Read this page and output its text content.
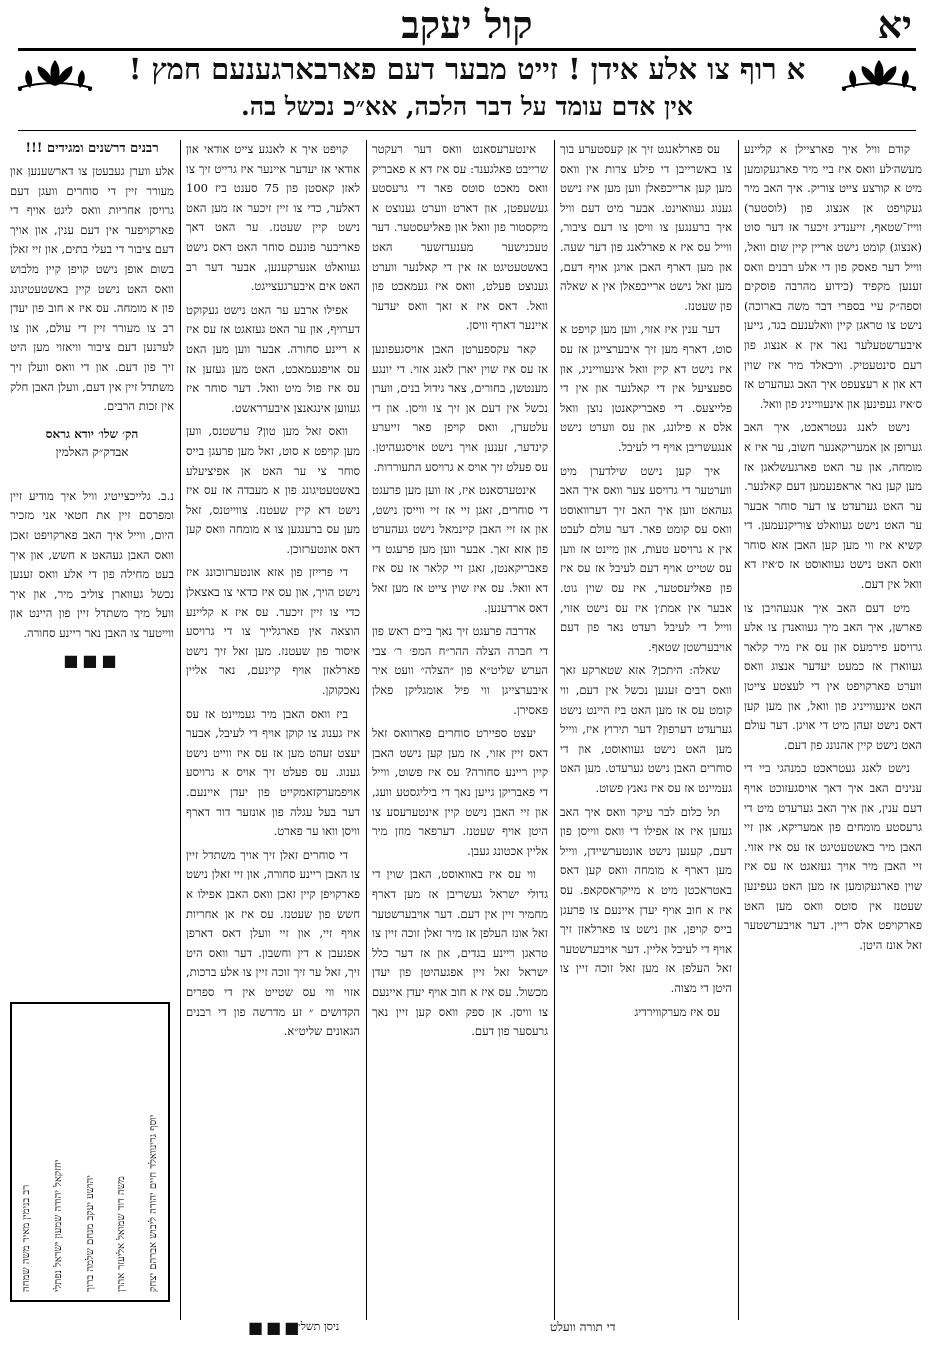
קול יעקב	יא
א רוף צו אלע אידן ! זייט מבער דעם פארבארגענעם חמץ !
אין אדם עומד על דבר הלכה, אא״כ נכשל בה.

קודם וויל איך פארציילן א קליינע מעשה׳לע וואס איז ביי מיר פארגעקומען מיט א קורצע צייט צוריק. איך האב מיר געקויפט אן אנצוג פון (לוסטער) ווייז־שטאף, זייענדיג זיכער אז דער סוט (אנצוג) קומט נישט אריין קיין שום וואל, ווייל דער פאסק פון די אלע רבנים וואס זענען מקפיד (כידוע מהרבה פוסקים וספה״ק עיי בספרי דבר משה בארוכה) נישט צו טראגן קיין וואלענעם בגד, גייען איבערשטעלער נאר אין א אנצוג פון רעם סינטעטיק. וויבאלד מיר איז שוין דא און א רעצעפט איך האב געהערט אז ס׳איז געפינען און אינעווייניג פון וואל.

נישט לאנג געטראכט, איך האב גערופן אן אמעריקאנער חשוב, ער איז א מומחה, און ער האט פארגעשלאגן אז מען קען נאר אראפנעמען דעם קאלנער. ער האט גערעדט צו דער סוחר אבער ער האט נישט געוואלט צוריקנעמען. די קשיא איז ווי מען קען האבן אזא סוחר וואס האט נישט געוואוסט אז ס׳איז דא וואל אין דעם.

מיט דעם האב איך אנגעהויבן צו פארשן, איך האב מיך געוואנדן צו אלע גרויסע פירמעס און עס איז מיר קלאר געווארן אז כמעט יעדער אנצוג וואס ווערט פארקויפט אין די לעצטע צייטן האט אינעווייניג פון וואל, און מען קען דאס נישט זעהן מיט די אויגן. דער עולם האט נישט קיין אהנונג פון דעם.

נישט לאנג געטראכט כמנהגי ביי די ענינים האב איך דאך אויסגעזוכט אויף דעם ענין, און איך האב גערעדט מיט די גרעסטע מומחים פון אמעריקא, און זיי האבן מיר באשטעטיגט אז עס איז אזוי. זיי האבן מיר אויך געזאגט אז עס איז שוין פארגעקומען אז מען האט געפינען שעטנז אין סוטס וואס מען האט פארקויפט אלס ריין. דער אויבערשטער זאל אונז היטן.

עס פארלאנגט זיך אן קעסטערע בוך צו באשרייבן די פילע צרות אין וואס מען קען ארייכפאלן ווען מען איז נישט גענוג געוואוינט. אבער מיט דעם וויל איך ברענגען צו וויסן צו דעם ציבור, ווייל עס איז א פארלאנג פון דער שעה. און מען דארף האבן אויגן אויף דעם, מען זאל נישט ארייכפאלן אין א שאלה פון שעטנז.

דער ענין איז אזוי, ווען מען קויפט א סוט, דארף מען זיך איבערצייגן אז עס איז נישט דא קיין וואל אינעווייניג, און ספעציעל אין די קאלנער און אין די פלייצעס. די פאבריקאנטן נוצן וואל אלס א פילונג, און עס ווערט נישט אנגעשריבן אויף די לעיבל.

איך קען נישט שילדערן מיט ווערטער די גרויסע צער וואס איך האב געהאט ווען איך האב זיך דערוואוסט וואס עס קומט פאר. דער עולם לעבט אין א גרויסע טעות, און מיינט אז ווען עס שטייט אויף דעם לעיבל אז עס איז פון פאליעסטער, איז עס שוין גוט. אבער אין אמת׳ן איז עס נישט אזוי, ווייל די לעיבל רעדט נאר פון דעם אויבערשטן שטאף.

שאלה: היתכן? אזא שטארקע זאך וואס רבים זענען נכשל אין דעם, ווי קומט עס אז מען האט ביז היינט נישט גערעדט דערפון? דער תירוץ איז, ווייל מען האט נישט געוואוסט, און די סוחרים האבן נישט גערעדט. מען האט געמיינט אז עס איז גאנץ פשוט.

תל כלום לבר עיקר וואס איך האב געזען איז אז אפילו די וואס ווייסן פון דעם, קענען נישט אונטערשיידן, ווייל מען דארף א מומחה וואס קען דאס באטראכטן מיט א מייקראסקאפ. עס איז א חוב אויף יעדן איינעם צו פרעגן בייס קויפן, און נישט צו פארלאזן זיך אויף די לעיבל אליין. דער אויבערשטער זאל העלפן אז מען זאל זוכה זיין צו היטן די מצוה.

עס איז מערקווירדיג

אינטערעסאנט וואס דער רעקטר שרייבט פאלגענד: עס איז דא א פאבריק וואס מאכט סוטס פאר די גרעסטע געשעפטן, און דארט ווערט גענוצט א מיקסטור פון וואל און פאליעסטער. דער טעכנישער מענעדזשער האט באשטעטיגט אז אין די קאלנער ווערט גענוצט פעלט, וואס איז געמאכט פון וואל. דאס איז א זאך וואס יעדער איינער דארף וויסן.

קאר עקספערטן האבן אויסגעפונען אז עס איז שוין יארן לאנג אזוי. די יונגע מענטשן, בחורים, צאר גידול בנים, ווערן נכשל אין דעם אן זיך צו וויסן. און די עלטערן, וואס קויפן פאר זייערע קינדער, זענען אויך נישט אויסגעהיטן. עס פעלט זיך אויס א גרויסע התעוררות.

אינטערסאנט איז, אז ווען מען פרעגט די סוחרים, זאגן זיי אז זיי ווייסן נישט, און אז זיי האבן קיינמאל נישט געהערט פון אזא זאך. אבער ווען מען פרעגט די פאבריקאנטן, זאגן זיי קלאר אז עס איז דא וואל. עס איז שוין צייט אז מען זאל דאס ארדענען.

אדרבה פרעגט זיך נאך ביים ראש פון די חברה הצלה ההר״ח המפ׳ ר׳ צבי הערש שליט״א פון ״הצלה״ וועט איר איבערצייגן ווי פיל אומגליקן פאלן פאסירן.

יעצט ספיירט סוחרים פארוואס זאל דאס זיין אזוי, אז מען קען נישט האבן קיין ריינע סחורה? עס איז פשוט, ווייל די פאבריקן גייען נאך די ביליגסטע וועג, און זיי האבן נישט קיין אינטערעסע צו היטן אויף שעטנז. דערפאר מוזן מיר אליין אכטונג געבן.

ווי עס איז באוואוסט, האבן שוין די גדולי ישראל געשריבן אז מען דארף מחמיר זיין אין דעם. דער אויבערשטער זאל אונז העלפן אז מיר זאלן זוכה זיין צו טראגן ריינע בגדים, און אז דער כלל ישראל זאל זיין אפגעהיטן פון יעדן מכשול. עס איז א חוב אויף יעדן איינעם צו וויסן. אן ספק וואס קען זיין נאך גרעסער פון דעם.

קויפט איך א לאנגע צייט אודאי און אודאי אז יעדער איינער איז גרייט זיך צו לאזן קאסטן פון 75 סענט ביז 100 דאלער, כדי צו זיין זיכער אז מען האט נישט קיין שעטנז. ער האט דאך פאריבער פונעם סוחר האט דאס נישט געוואלט אנערקענען, אבער דער רב האט אים איבערגעצייגט.

אפילו ארבע ער האט נישט געקוקט דערויף, און ער האט געזאגט אז עס איז א ריינע סחורה. אבער ווען מען האט עס אויפגעמאכט, האט מען געזען אז עס איז פול מיט וואל. דער סוחר איז געווען אינגאנצן איבערראשט.

וואס זאל מען טון? ערשטנס, ווען מען קויפט א סוט, זאל מען פרעגן בייס סוחר צי ער האט אן אפיציעלע באשטעטיגונג פון א מעבדה אז עס איז נישט דא קיין שעטנז. צווייטנס, זאל מען עס ברענגען צו א מומחה וואס קען דאס אונטערזוכן.

די פרייזן פון אזא אונטערזוכונג איז נישט הויך, און עס איז כדאי צו באצאלן כדי צו זיין זיכער. עס איז א קליינע הוצאה אין פארגלייך צו די גרויסע איסור פון שעטנז. מען זאל זיך נישט פארלאזן אויף קיינעם, נאר אליין נאכקוקן.

ביז וואס האבן מיר געמיינט אז עס איז גענוג צו קוקן אויף די לעיבל, אבער יעצט זעהט מען אז עס איז ווייט נישט גענוג. עס פעלט זיך אויס א גרויסע אויפמערקזאמקייט פון יעדן איינעם. דער בעל עגלה פון אונזער דור דארף וויסן וואו ער פארט.

די סוחרים זאלן זיך אויך משתדל זיין צו האבן ריינע סחורה, און זיי זאלן נישט פארקויפן קיין זאכן וואס האבן אפילו א חשש פון שעטנז. עס איז אן אחריות אויף זיי, און זיי וועלן דאס דארפן אפגעבן א דין וחשבון. דער וואס היט זיך, זאל ער זיך זוכה זיין צו אלע ברכות, אזוי ווי עס שטייט אין די ספרים הקדושים ״ זע מדרשה פון די רבנים הגאונים שליט״א.

רבנים דרשנים ומגידים !!!
אלע ווערן געבעטן צו דארשענען און מעורר זיין די סוחרים וועגן דעם גרויסן אחריות וואס ליגט אויף די פארקויפער אין דעם ענין, און אויך דעם ציבור די בעלי בתים, און זיי זאלן בשום אופן נישט קויפן קיין מלבוש וואס האט נישט קיין באשטעטיגונג פון א מומחה. עס איז א חוב פון יעדן רב צו מעורר זיין די עולם, און צו לערנען דעם ציבור וויאזוי מען היט זיך פון דעם. און די וואס וועלן זיך משתדל זיין אין דעם, וועלן האבן חלק אין זכות הרבים.
הק׳ שלו׳ יודא גראס
אבדק״ק האלמין
נ.ב. גלייכצייטיג וויל איך מודיע זיין ומפרסם זיין את חטאי אני מזכיר היום, ווייל איך האב פארקויפט זאכן וואס האבן געהאט א חשש, און איך בעט מחילה פון די אלע וואס זענען נכשל געווארן צוליב מיר, און איך וועל מיך משתדל זיין פון היינט און ווייטער צו האבן נאר ריינע סחורה.
■■■
יוסף גרינוואלד חיים יהודה ליבוש אברהם יצחק
משה דוד שמואל אליעזר אהרן
יהושע יעקב מנחם שלמה ברוך
יחזקאל יהודה שמעון ישראל נפתלי
רב בנימין מאיר משה שמחה
■■■
ניסן תשל״ח	די תורה וועלט
